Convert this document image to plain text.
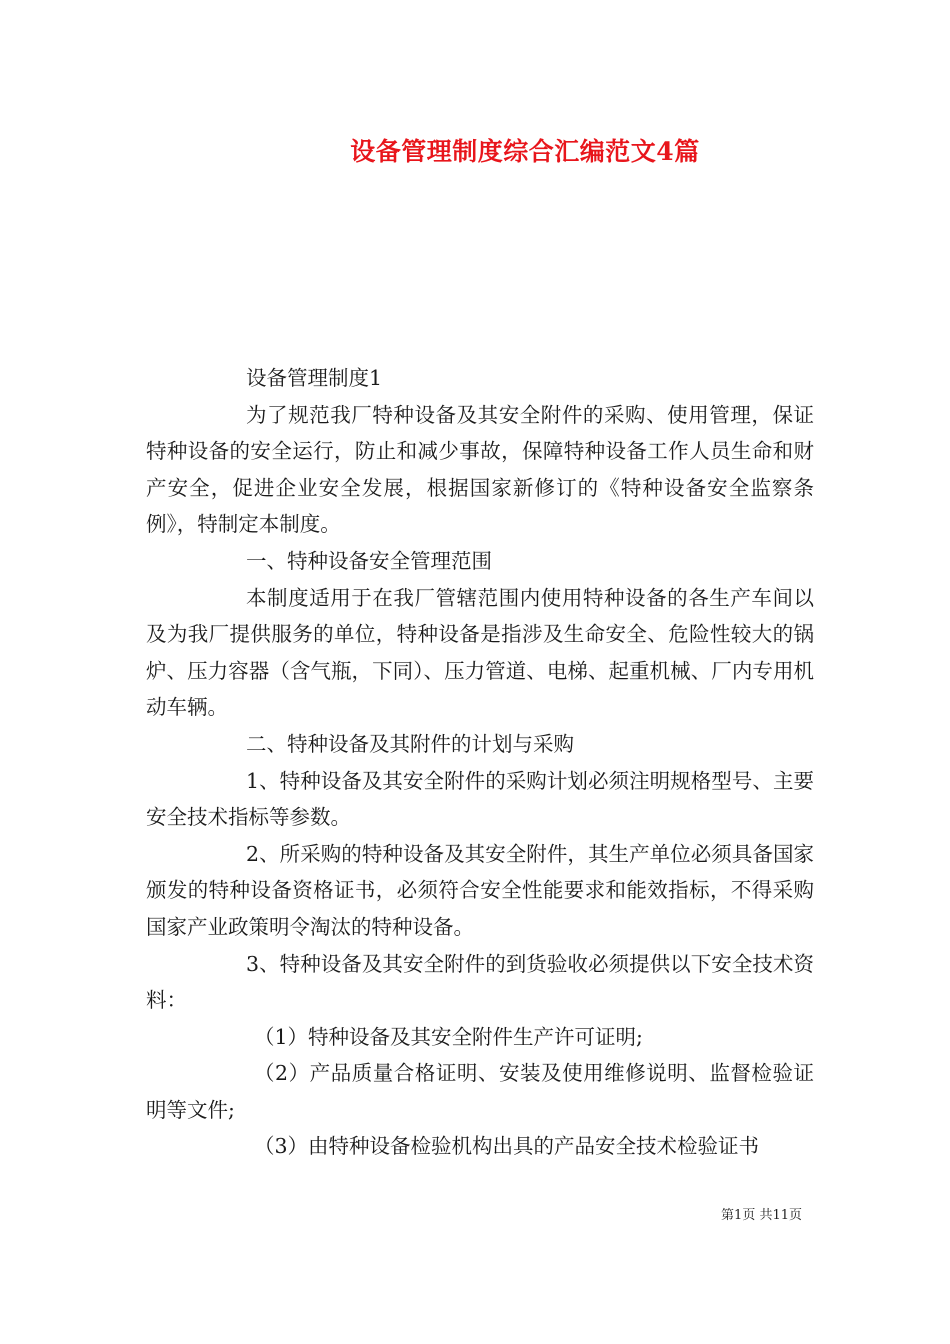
设备管理制度综合汇编范文4篇

设备管理制度1

为了规范我厂特种设备及其安全附件的采购、使用管理，保证特种设备的安全运行，防止和减少事故，保障特种设备工作人员生命和财产安全，促进企业安全发展，根据国家新修订的《特种设备安全监察条例》，特制定本制度。

一、特种设备安全管理范围

本制度适用于在我厂管辖范围内使用特种设备的各生产车间以及为我厂提供服务的单位，特种设备是指涉及生命安全、危险性较大的锅炉、压力容器（含气瓶，下同）、压力管道、电梯、起重机械、厂内专用机动车辆。

二、特种设备及其附件的计划与采购

1、特种设备及其安全附件的采购计划必须注明规格型号、主要安全技术指标等参数。

2、所采购的特种设备及其安全附件，其生产单位必须具备国家颁发的特种设备资格证书，必须符合安全性能要求和能效指标，不得采购国家产业政策明令淘汰的特种设备。

3、特种设备及其安全附件的到货验收必须提供以下安全技术资料：

（1）特种设备及其安全附件生产许可证明;

（2）产品质量合格证明、安装及使用维修说明、监督检验证明等文件;

（3）由特种设备检验机构出具的产品安全技术检验证书

第1页 共11页
